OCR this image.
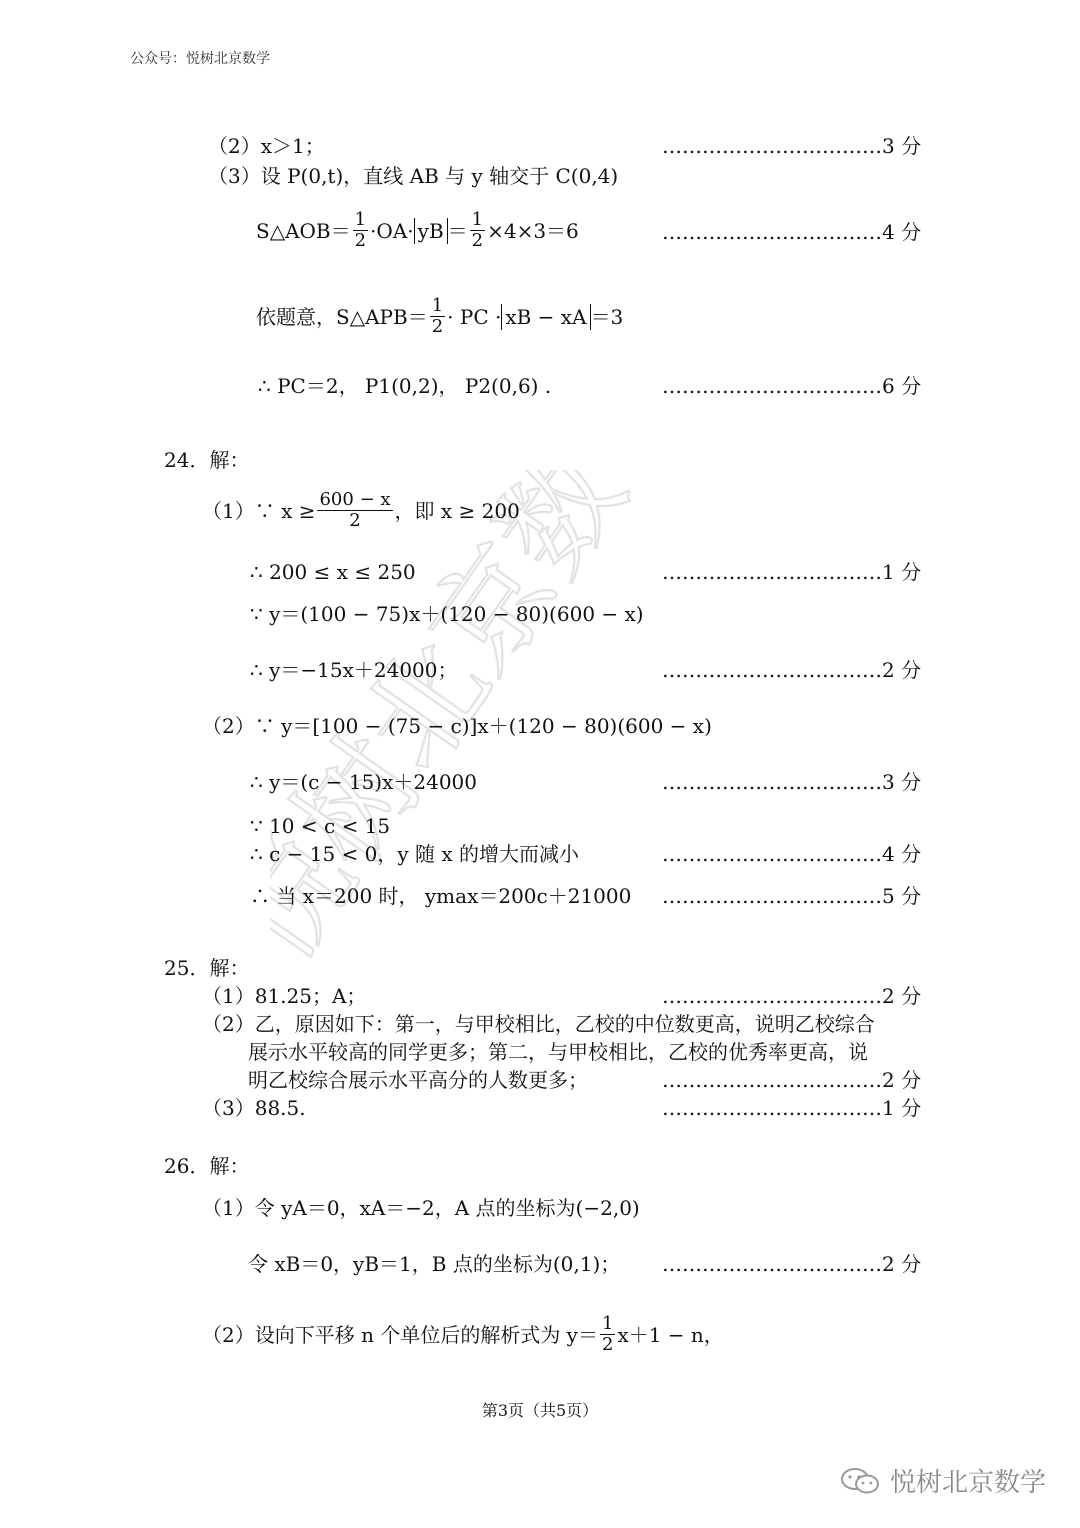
公众号：悦树北京数学
悦树北京数学
（2）x＞1；	……………………………3 分
（3）设 P(0,t)，直线 AB 与 y 轴交于 C(0,4)
S△AOB＝ $\frac{1}{2} \cdot OA\cdot$ yB ＝ $\frac{1}{2} \times 4\times 3=6$	……………………………4 分
依题意，S△APB＝ $\frac{1}{2}$ · PC · xB − xA ＝3
∴ PC＝2， P1(0,2)， P2(0,6) .	……………………………6 分
24．解：
（1）∵ $x \ge \frac{600 - x}{2}$ ，即 x ≥ 200
∴ 200 ≤ x ≤ 250	……………………………1 分
∵ y＝(100 − 75)x＋(120 − 80)(600 − x)
∴ y＝−15x＋24000；	……………………………2 分
（2）∵ y＝[100 − (75 − c)]x＋(120 − 80)(600 − x)
∴ y＝(c − 15)x＋24000	……………………………3 分
∵ 10 < c < 15
∴ c − 15 < 0，y 随 x 的增大而减小	……………………………4 分
∴ 当 x＝200 时， ymax＝200c＋21000 ……………………………5 分
25．解：
（1）81.25；A；	……………………………2 分
（2）乙，原因如下：第一，与甲校相比，乙校的中位数更高，说明乙校综合
展示水平较高的同学更多；第二，与甲校相比，乙校的优秀率更高，说
明乙校综合展示水平高分的人数更多；	……………………………2 分
（3）88.5.	……………………………1 分
26．解：
（1）令 yA＝0，xA＝−2，A 点的坐标为(−2,0)
令 xB＝0，yB＝1，B 点的坐标为(0,1)； ……………………………2 分
（2）设向下平移 n 个单位后的解析式为 $y= \frac{1}{2} x+1 - n$，
第3页（共5页）
悦树北京数学
